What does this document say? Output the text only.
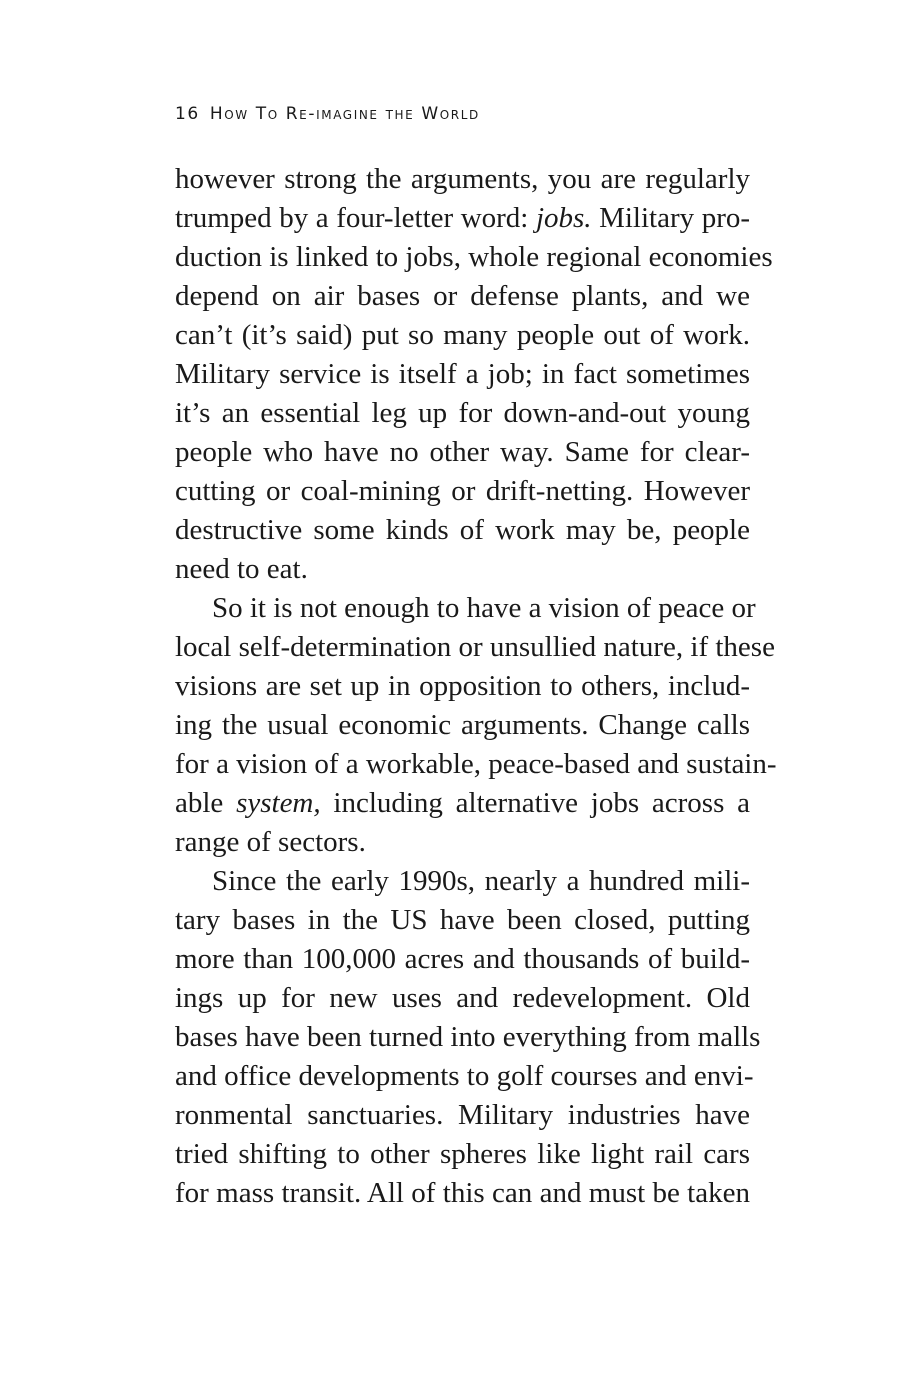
16 How To Re-imagine the World
however strong the arguments, you are regularly
trumped by a four-letter word: jobs. Military pro-
duction is linked to jobs, whole regional economies
depend on air bases or defense plants, and we
can’t (it’s said) put so many people out of work.
Military service is itself a job; in fact sometimes
it’s an essential leg up for down-and-out young
people who have no other way. Same for clear-
cutting or coal-mining or drift-netting. However
destructive some kinds of work may be, people
need to eat.
So it is not enough to have a vision of peace or
local self-determination or unsullied nature, if these
visions are set up in opposition to others, includ-
ing the usual economic arguments. Change calls
for a vision of a workable, peace-based and sustain-
able system, including alternative jobs across a
range of sectors.
Since the early 1990s, nearly a hundred mili-
tary bases in the US have been closed, putting
more than 100,000 acres and thousands of build-
ings up for new uses and redevelopment. Old
bases have been turned into everything from malls
and office developments to golf courses and envi-
ronmental sanctuaries. Military industries have
tried shifting to other spheres like light rail cars
for mass transit. All of this can and must be taken
